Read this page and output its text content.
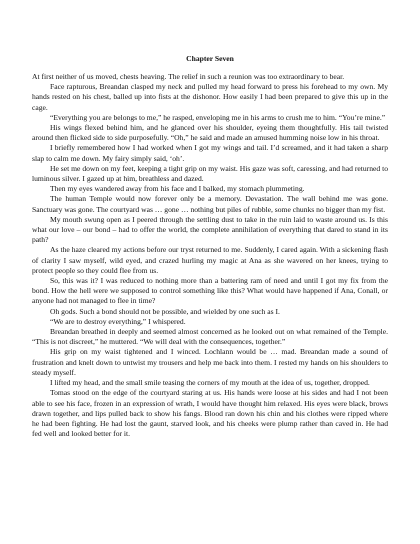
Chapter Seven

At first neither of us moved, chests heaving. The relief in such a reunion was too extraordinary to bear.

Face rapturous, Breandan clasped my neck and pulled my head forward to press his forehead to my own. My hands rested on his chest, balled up into fists at the dishonor. How easily I had been prepared to give this up in the cage.

“Everything you are belongs to me,” he rasped, enveloping me in his arms to crush me to him. “You’re mine.”

His wings flexed behind him, and he glanced over his shoulder, eyeing them thoughtfully. His tail twisted around then flicked side to side purposefully. “Oh,” he said and made an amused humming noise low in his throat.

I briefly remembered how I had worked when I got my wings and tail. I’d screamed, and it had taken a sharp slap to calm me down. My fairy simply said, ‘oh’.

He set me down on my feet, keeping a tight grip on my waist. His gaze was soft, caressing, and had returned to luminous silver. I gazed up at him, breathless and dazed.

Then my eyes wandered away from his face and I balked, my stomach plummeting.

The human Temple would now forever only be a memory. Devastation. The wall behind me was gone. Sanctuary was gone. The courtyard was … gone … nothing but piles of rubble, some chunks no bigger than my fist.

My mouth swung open as I peered through the settling dust to take in the ruin laid to waste around us. Is this what our love – our bond – had to offer the world, the complete annihilation of everything that dared to stand in its path?

As the haze cleared my actions before our tryst returned to me. Suddenly, I cared again. With a sickening flash of clarity I saw myself, wild eyed, and crazed hurling my magic at Ana as she wavered on her knees, trying to protect people so they could flee from us.

So, this was it? I was reduced to nothing more than a battering ram of need and until I got my fix from the bond. How the hell were we supposed to control something like this? What would have happened if Ana, Conall, or anyone had not managed to flee in time?

Oh gods. Such a bond should not be possible, and wielded by one such as I.

“We are to destroy everything,” I whispered.

Breandan breathed in deeply and seemed almost concerned as he looked out on what remained of the Temple. “This is not discreet,” he muttered. “We will deal with the consequences, together.”

His grip on my waist tightened and I winced. Lochlann would be … mad. Breandan made a sound of frustration and knelt down to untwist my trousers and help me back into them. I rested my hands on his shoulders to steady myself.

I lifted my head, and the small smile teasing the corners of my mouth at the idea of us, together, dropped.

Tomas stood on the edge of the courtyard staring at us. His hands were loose at his sides and had I not been able to see his face, frozen in an expression of wrath, I would have thought him relaxed. His eyes were black, brows drawn together, and lips pulled back to show his fangs. Blood ran down his chin and his clothes were ripped where he had been fighting. He had lost the gaunt, starved look, and his cheeks were plump rather than caved in. He had fed well and looked better for it.
